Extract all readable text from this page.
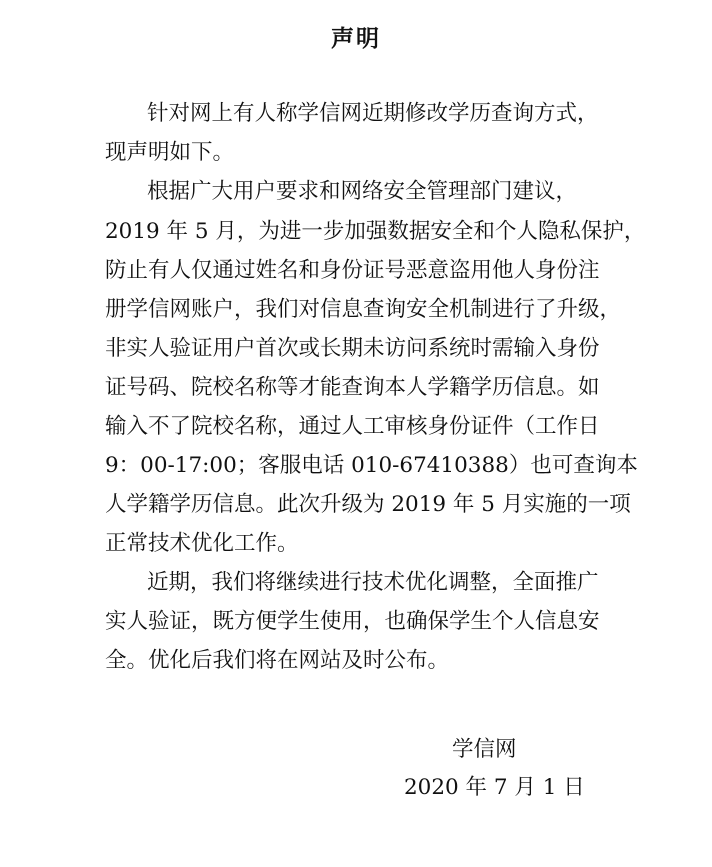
声明
针对网上有人称学信网近期修改学历查询方式，
现声明如下。
根据广大用户要求和网络安全管理部门建议，
2019 年 5 月，为进一步加强数据安全和个人隐私保护，
防止有人仅通过姓名和身份证号恶意盗用他人身份注
册学信网账户，我们对信息查询安全机制进行了升级，
非实人验证用户首次或长期未访问系统时需输入身份
证号码、院校名称等才能查询本人学籍学历信息。如
输入不了院校名称，通过人工审核身份证件（工作日
9：00-17:00；客服电话 010-67410388）也可查询本
人学籍学历信息。此次升级为 2019 年 5 月实施的一项
正常技术优化工作。
近期，我们将继续进行技术优化调整，全面推广
实人验证，既方便学生使用，也确保学生个人信息安
全。优化后我们将在网站及时公布。
学信网
2020 年 7 月 1 日
